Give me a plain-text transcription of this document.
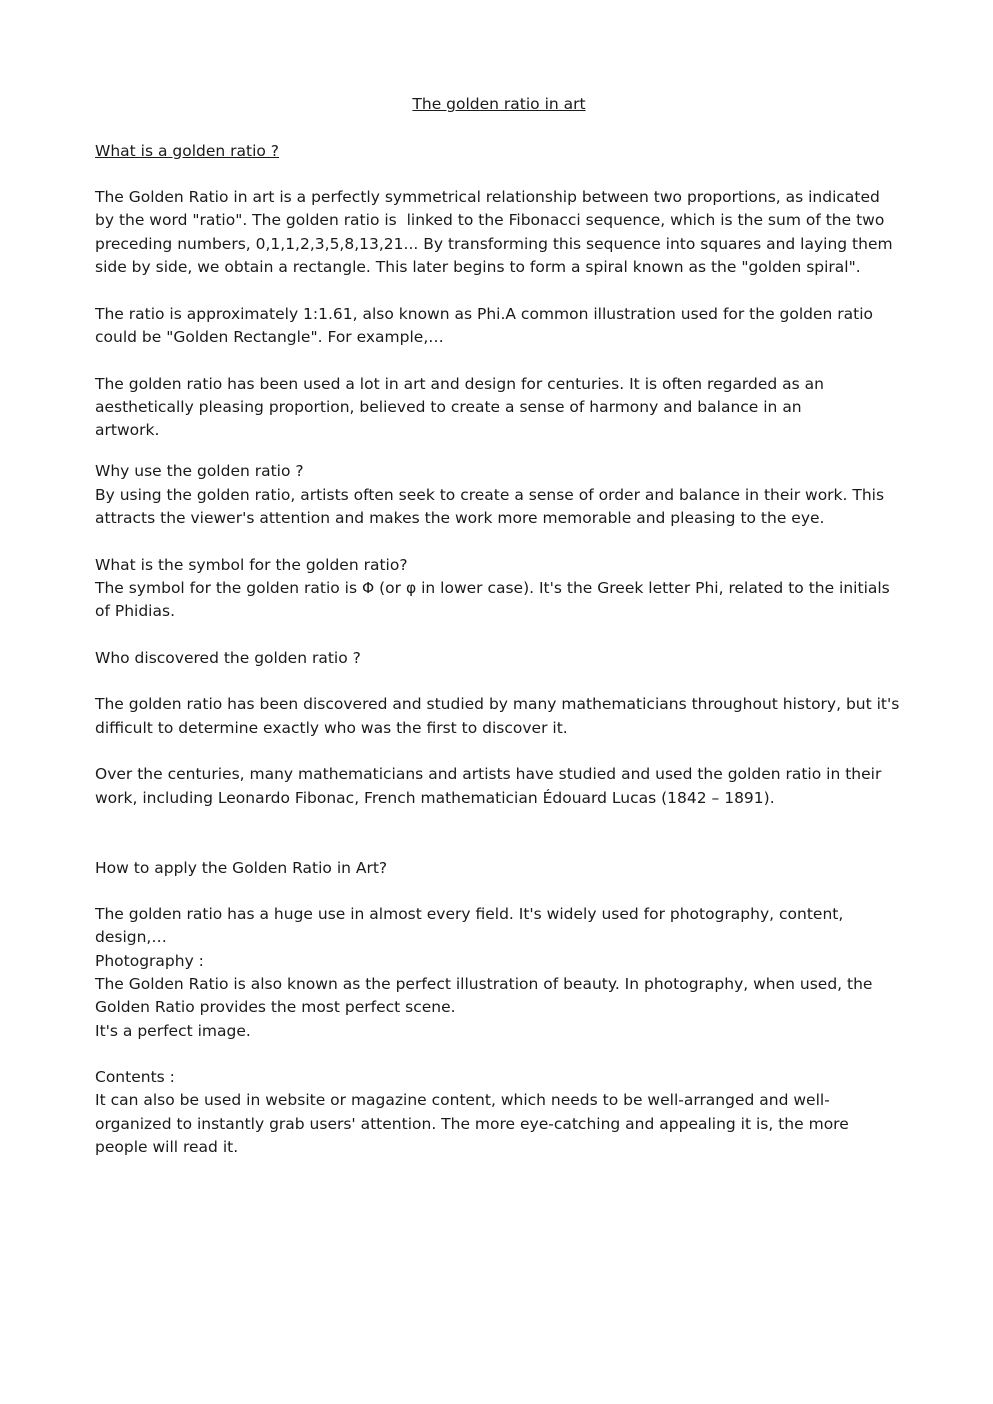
The golden ratio in art

What is a golden ratio ?

The Golden Ratio in art is a perfectly symmetrical relationship between two proportions, as indicated by the word "ratio". The golden ratio is  linked to the Fibonacci sequence, which is the sum of the two preceding numbers, 0,1,1,2,3,5,8,13,21... By transforming this sequence into squares and laying them side by side, we obtain a rectangle. This later begins to form a spiral known as the "golden spiral".

The ratio is approximately 1:1.61, also known as Phi.A common illustration used for the golden ratio could be "Golden Rectangle". For example,…

The golden ratio has been used a lot in art and design for centuries. It is often regarded as an

aesthetically pleasing proportion, believed to create a sense of harmony and balance in an

artwork.

Why use the golden ratio ?

By using the golden ratio, artists often seek to create a sense of order and balance in their work. This attracts the viewer's attention and makes the work more memorable and pleasing to the eye.

What is the symbol for the golden ratio?

The symbol for the golden ratio is Φ (or φ in lower case). It's the Greek letter Phi, related to the initials of Phidias.

Who discovered the golden ratio ?

The golden ratio has been discovered and studied by many mathematicians throughout history, but it's difficult to determine exactly who was the first to discover it.

Over the centuries, many mathematicians and artists have studied and used the golden ratio in their work, including Leonardo Fibonac, French mathematician Édouard Lucas (1842 – 1891).

How to apply the Golden Ratio in Art?

The golden ratio has a huge use in almost every field. It's widely used for photography, content, design,…

Photography :

The Golden Ratio is also known as the perfect illustration of beauty. In photography, when used, the Golden Ratio provides the most perfect scene.

It's a perfect image.

Contents :

It can also be used in website or magazine content, which needs to be well-arranged and well-organized to instantly grab users' attention. The more eye-catching and appealing it is, the more people will read it.
